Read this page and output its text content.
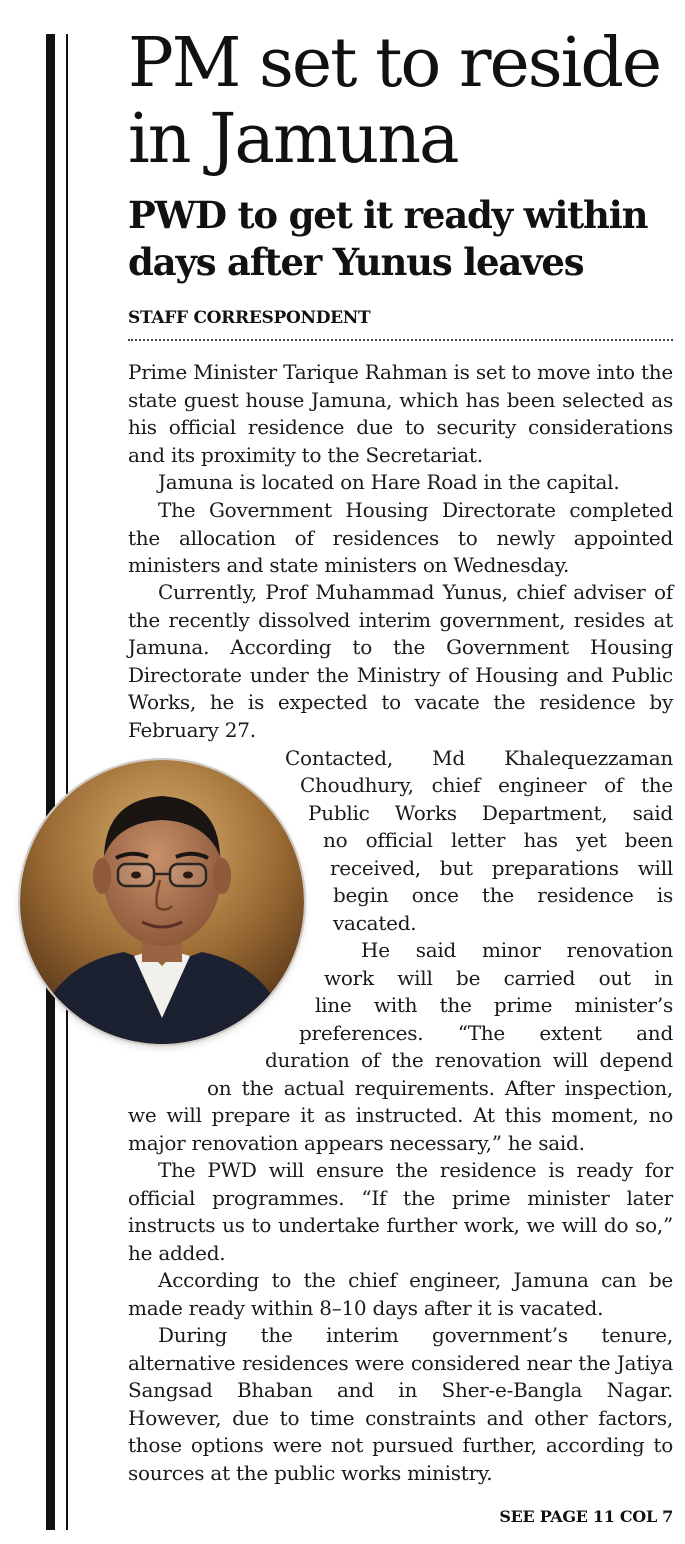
PM set to reside in Jamuna
PWD to get it ready within days after Yunus leaves
STAFF CORRESPONDENT

Prime Minister Tarique Rahman is set to move into the state guest house Jamuna, which has been selected as his official residence due to security considerations and its proximity to the Secretariat.

Jamuna is located on Hare Road in the capital.

The Government Housing Directorate completed the allocation of residences to newly appointed ministers and state ministers on Wednesday.

Currently, Prof Muhammad Yunus, chief adviser of the recently dissolved interim government, resides at Jamuna. According to the Government Housing Directorate under the Ministry of Housing and Public Works, he is expected to vacate the residence by February 27.

Contacted, Md Khalequezzaman
Choudhury, chief engineer of the
Public Works Department, said
no official letter has yet been
received, but preparations will
begin once the residence is
vacated.
He said minor renovation
work will be carried out in
line with the prime minister’s
preferences. “The extent and
duration of the renovation will depend
on the actual requirements. After inspection,

we will prepare it as instructed. At this moment, no major renovation appears necessary,” he said.

The PWD will ensure the residence is ready for official programmes. “If the prime minister later instructs us to undertake further work, we will do so,” he added.

According to the chief engineer, Jamuna can be made ready within 8–10 days after it is vacated.

During the interim government’s tenure, alternative residences were considered near the Jatiya Sangsad Bhaban and in Sher-e-Bangla Nagar. However, due to time constraints and other factors, those options were not pursued further, according to sources at the public works ministry.

SEE PAGE 11 COL 7
